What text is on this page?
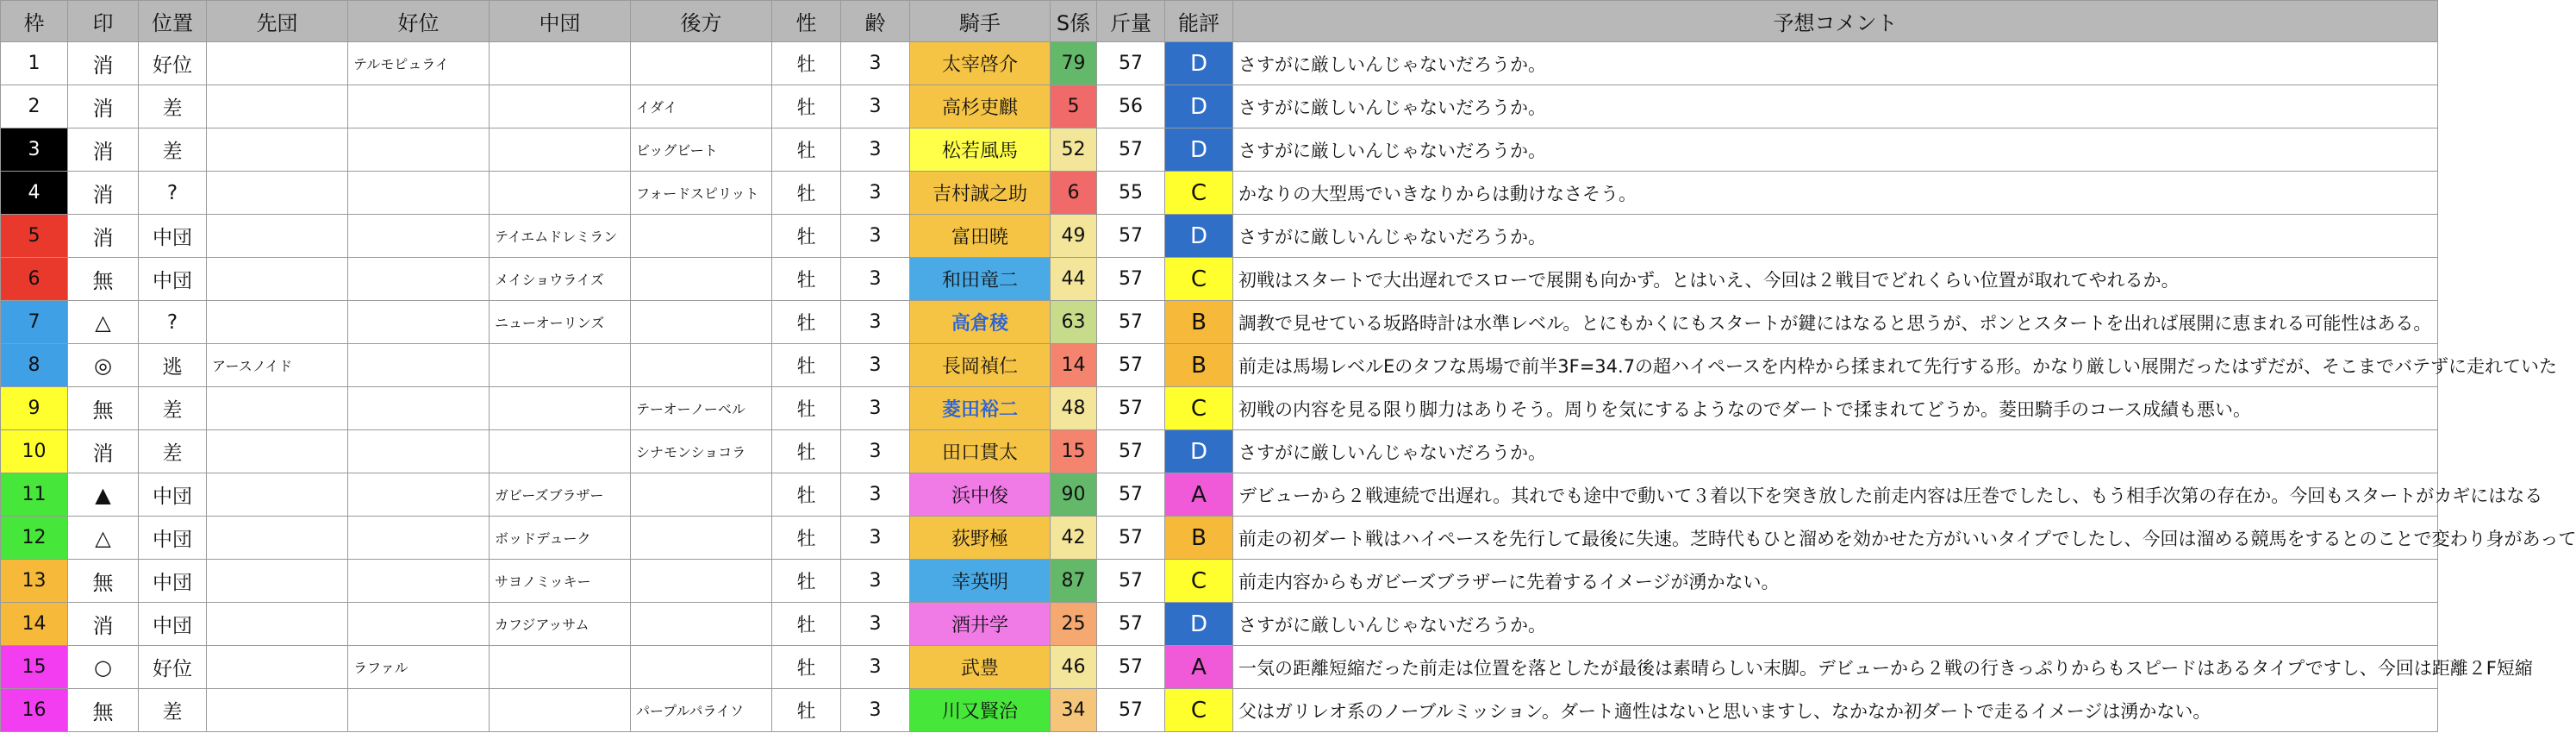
枠	印	位置	先団	好位	中団	後方	性	齢	騎手	S係	斤量	能評	予想コメント
1	消	好位		テルモピュライ			牡	3	太宰啓介	79	57	D	さすがに厳しいんじゃないだろうか。
2	消	差				イダイ	牡	3	高杉吏麒	5	56	D	さすがに厳しいんじゃないだろうか。
3	消	差				ビッグビート	牡	3	松若風馬	52	57	D	さすがに厳しいんじゃないだろうか。
4	消	?				フォードスピリット	牡	3	吉村誠之助	6	55	C	かなりの大型馬でいきなりからは動けなさそう。
5	消	中団			テイエムドレミラン		牡	3	富田暁	49	57	D	さすがに厳しいんじゃないだろうか。
6	無	中団			メイショウライズ		牡	3	和田竜二	44	57	C	初戦はスタートで大出遅れでスローで展開も向かず。とはいえ、今回は２戦目でどれくらい位置が取れてやれるか。
7	△	?			ニューオーリンズ		牡	3	高倉稜	63	57	B	調教で見せている坂路時計は水準レベル。とにもかくにもスタートが鍵にはなると思うが、ポンとスタートを出れば展開に恵まれる可能性はある。
8	◎	逃	アースノイド				牡	3	長岡禎仁	14	57	B	前走は馬場レベルEのタフな馬場で前半3F=34.7の超ハイペースを内枠から揉まれて先行する形。かなり厳しい展開だったはずだが、そこまでバテずに走れていた
9	無	差				テーオーノーベル	牡	3	菱田裕二	48	57	C	初戦の内容を見る限り脚力はありそう。周りを気にするようなのでダートで揉まれてどうか。菱田騎手のコース成績も悪い。
10	消	差				シナモンショコラ	牡	3	田口貫太	15	57	D	さすがに厳しいんじゃないだろうか。
11	▲	中団			ガビーズブラザー		牡	3	浜中俊	90	57	A	デビューから２戦連続で出遅れ。其れでも途中で動いて３着以下を突き放した前走内容は圧巻でしたし、もう相手次第の存在か。今回もスタートがカギにはなる
12	△	中団			ボッドデューク		牡	3	荻野極	42	57	B	前走の初ダート戦はハイペースを先行して最後に失速。芝時代もひと溜めを効かせた方がいいタイプでしたし、今回は溜める競馬をするとのことで変わり身があって
13	無	中団			サヨノミッキー		牡	3	幸英明	87	57	C	前走内容からもガビーズブラザーに先着するイメージが湧かない。
14	消	中団			カフジアッサム		牡	3	酒井学	25	57	D	さすがに厳しいんじゃないだろうか。
15	○	好位		ラファル			牡	3	武豊	46	57	A	一気の距離短縮だった前走は位置を落としたが最後は素晴らしい末脚。デビューから２戦の行きっぷりからもスピードはあるタイプですし、今回は距離２F短縮
16	無	差				パープルパライソ	牡	3	川又賢治	34	57	C	父はガリレオ系のノーブルミッション。ダート適性はないと思いますし、なかなか初ダートで走るイメージは湧かない。
